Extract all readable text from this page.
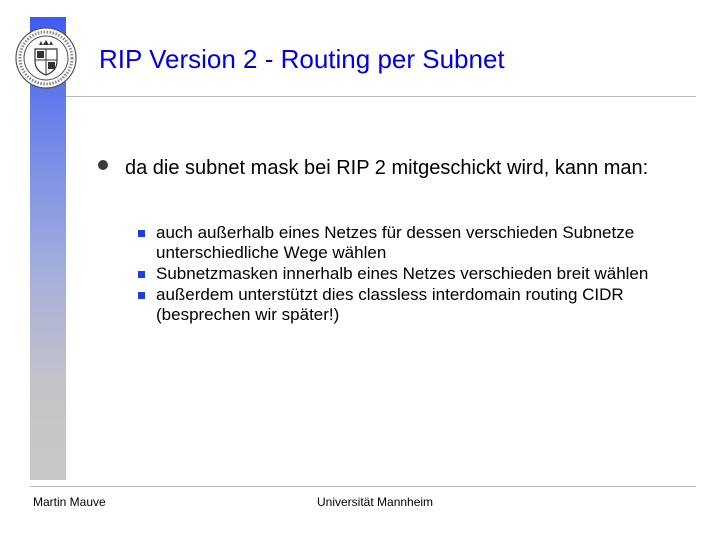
RIP Version 2 - Routing per Subnet
da die subnet mask bei RIP 2 mitgeschickt wird, kann man:
auch außerhalb eines Netzes für dessen verschieden Subnetze unterschiedliche Wege wählen
Subnetzmasken innerhalb eines Netzes verschieden breit wählen
außerdem unterstützt dies classless interdomain routing CIDR (besprechen wir später!)
Martin Mauve	Universität Mannheim
